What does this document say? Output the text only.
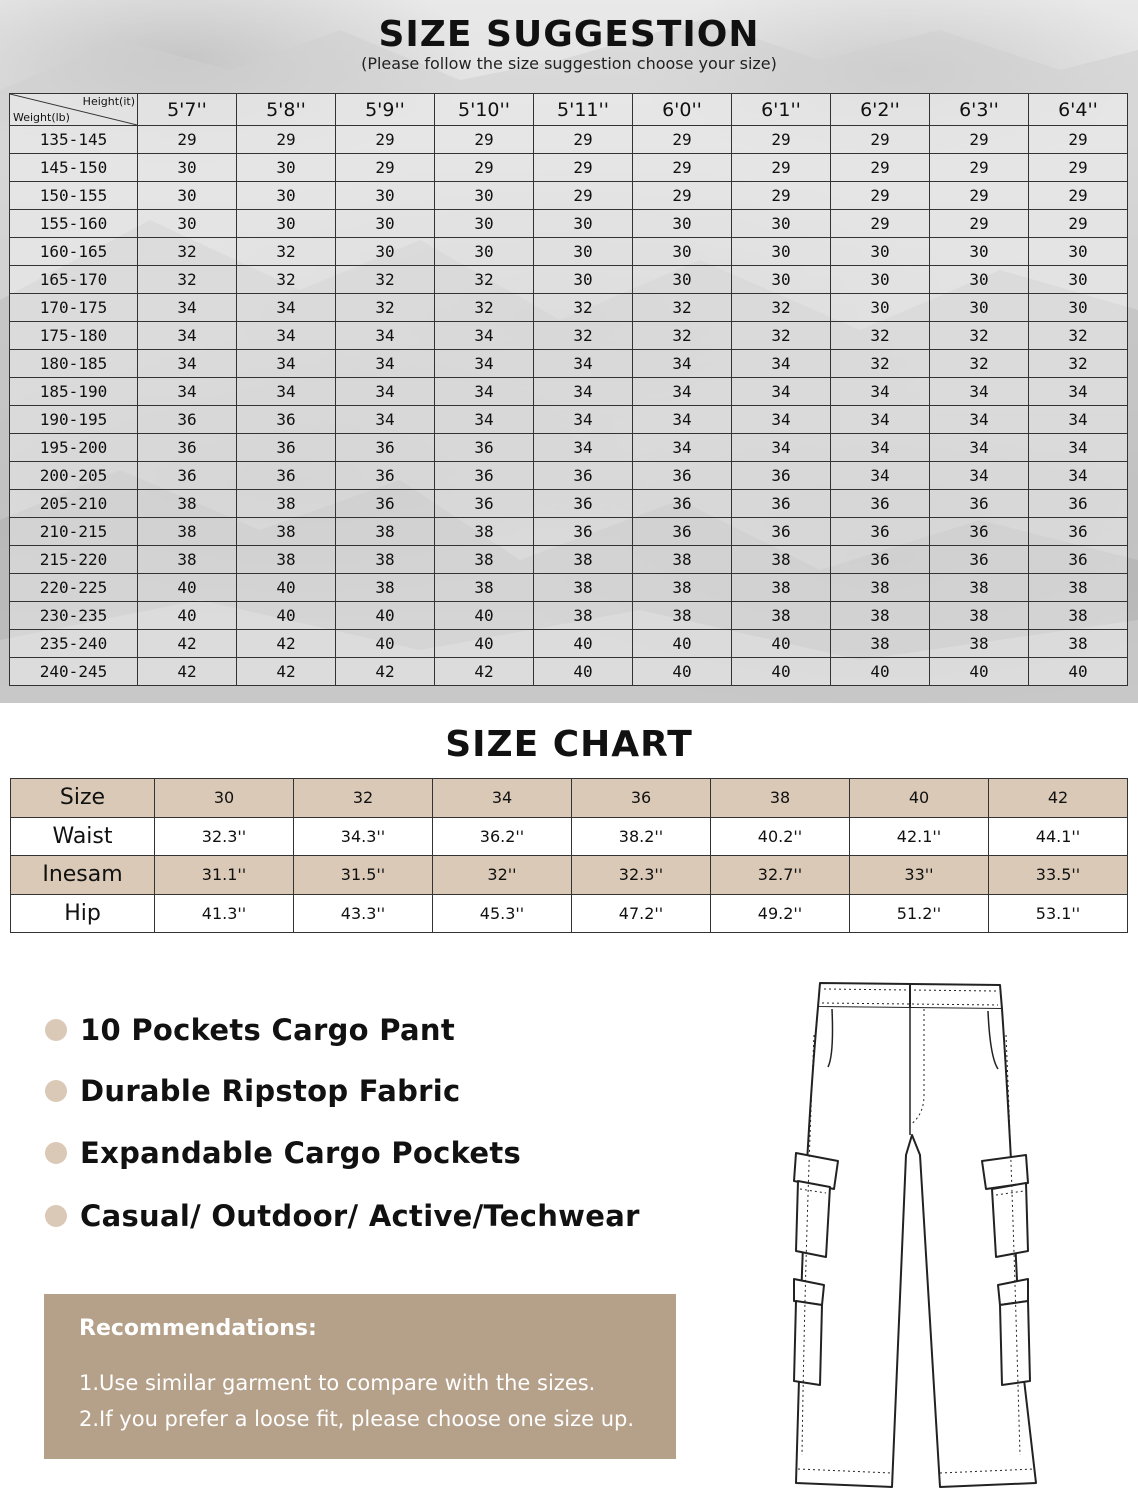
SIZE SUGGESTION
(Please follow the size suggestion choose your size)
Height(it)
Weight(lb)	5'7''	5'8''	5'9''	5'10''	5'11''	6'0''	6'1''	6'2''	6'3''	6'4''
135-145	29	29	29	29	29	29	29	29	29	29
145-150	30	30	29	29	29	29	29	29	29	29
150-155	30	30	30	30	29	29	29	29	29	29
155-160	30	30	30	30	30	30	30	29	29	29
160-165	32	32	30	30	30	30	30	30	30	30
165-170	32	32	32	32	30	30	30	30	30	30
170-175	34	34	32	32	32	32	32	30	30	30
175-180	34	34	34	34	32	32	32	32	32	32
180-185	34	34	34	34	34	34	34	32	32	32
185-190	34	34	34	34	34	34	34	34	34	34
190-195	36	36	34	34	34	34	34	34	34	34
195-200	36	36	36	36	34	34	34	34	34	34
200-205	36	36	36	36	36	36	36	34	34	34
205-210	38	38	36	36	36	36	36	36	36	36
210-215	38	38	38	38	36	36	36	36	36	36
215-220	38	38	38	38	38	38	38	36	36	36
220-225	40	40	38	38	38	38	38	38	38	38
230-235	40	40	40	40	38	38	38	38	38	38
235-240	42	42	40	40	40	40	40	38	38	38
240-245	42	42	42	42	40	40	40	40	40	40
SIZE CHART
Size	30	32	34	36	38	40	42
Waist	32.3''	34.3''	36.2''	38.2''	40.2''	42.1''	44.1''
Inesam	31.1''	31.5''	32''	32.3''	32.7''	33''	33.5''
Hip	41.3''	43.3''	45.3''	47.2''	49.2''	51.2''	53.1''
10 Pockets Cargo Pant
Durable Ripstop Fabric
Expandable Cargo Pockets
Casual/ Outdoor/ Active/Techwear
Recommendations:
1.Use similar garment to compare with the sizes.
2.If you prefer a loose fit, please choose one size up.
